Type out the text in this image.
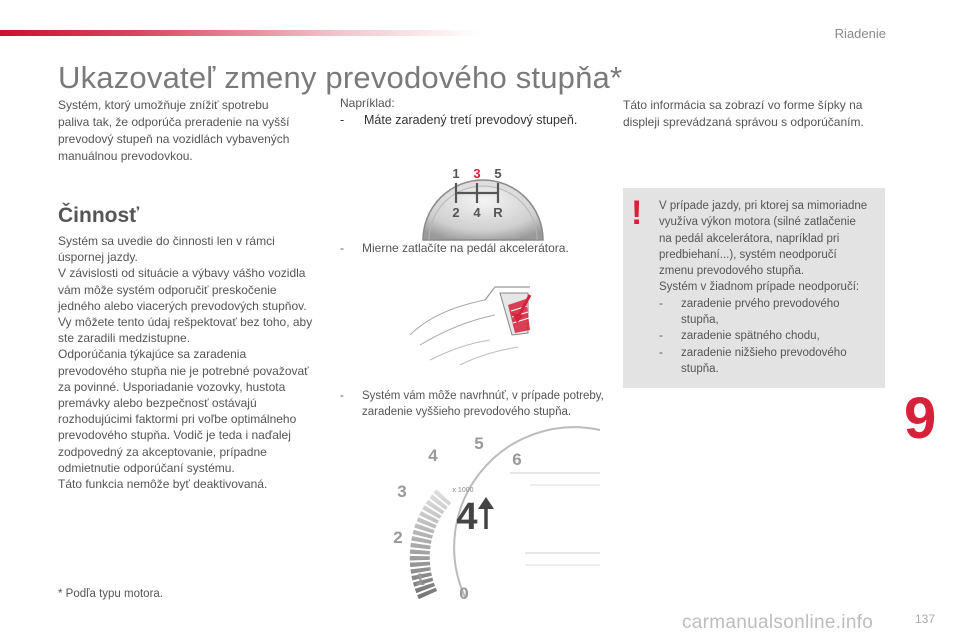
Riadenie
Ukazovateľ zmeny prevodového stupňa*
Systém, ktorý umožňuje znížiť spotrebu
paliva tak, že odporúča preradenie na vyšší
prevodový stupeň na vozidlách vybavených
manuálnou prevodovkou.
Činnosť
Systém sa uvedie do činnosti len v rámci
úspornej jazdy.
V závislosti od situácie a výbavy vášho vozidla
vám môže systém odporučiť preskočenie
jedného alebo viacerých prevodových stupňov.
Vy môžete tento údaj rešpektovať bez toho, aby
ste zaradili medzistupne.
Odporúčania týkajúce sa zaradenia
prevodového stupňa nie je potrebné považovať
za povinné. Usporiadanie vozovky, hustota
premávky alebo bezpečnosť ostávajú
rozhodujúcimi faktormi pri voľbe optimálneho
prevodového stupňa. Vodič je teda i naďalej
zodpovedný za akceptovanie, prípadne
odmietnutie odporúčaní systému.
Táto funkcia nemôže byť deaktivovaná.
* Podľa typu motora.
Napríklad:
- Máte zaradený tretí prevodový stupeň.
1 3 5
2 4 R
- Mierne zatlačíte na pedál akcelerátora.
- Systém vám môže navrhnúť, v prípade potreby,
zaradenie vyššieho prevodového stupňa.
0
1
2
3
4
5
6
x 1000
4
Táto informácia sa zobrazí vo forme šípky na
displeji sprevádzaná správou s odporúčaním.
! V prípade jazdy, pri ktorej sa mimoriadne
využíva výkon motora (silné zatlačenie
na pedál akcelerátora, napríklad pri
predbiehaní...), systém neodporučí
zmenu prevodového stupňa.
Systém v žiadnom prípade neodporučí:
- zaradenie prvého prevodového
stupňa,
- zaradenie spätného chodu,
- zaradenie nižšieho prevodového
stupňa.
9
carmanualsonline.info	137
